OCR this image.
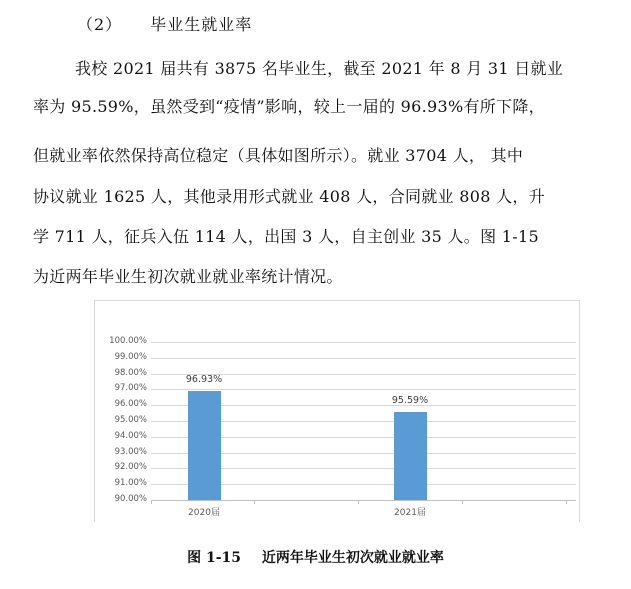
（2） 毕业生就业率
我校 2021 届共有 3875 名毕业生，截至 2021 年 8 月 31 日就业
率为 95.59%，虽然受到“疫情”影响，较上一届的 96.93%有所下降，
但就业率依然保持高位稳定（具体如图所示）。就业 3704 人， 其中
协议就业 1625 人，其他录用形式就业 408 人，合同就业 808 人，升
学 711 人，征兵入伍 114 人，出国 3 人，自主创业 35 人。图 1-15
为近两年毕业生初次就业就业率统计情况。
100.00%
99.00%
98.00%
97.00%
96.00%
95.00%
94.00%
93.00%
92.00%
91.00%
90.00%
96.93%
2020届
95.59%
2021届
图 1-15 近两年毕业生初次就业就业率
